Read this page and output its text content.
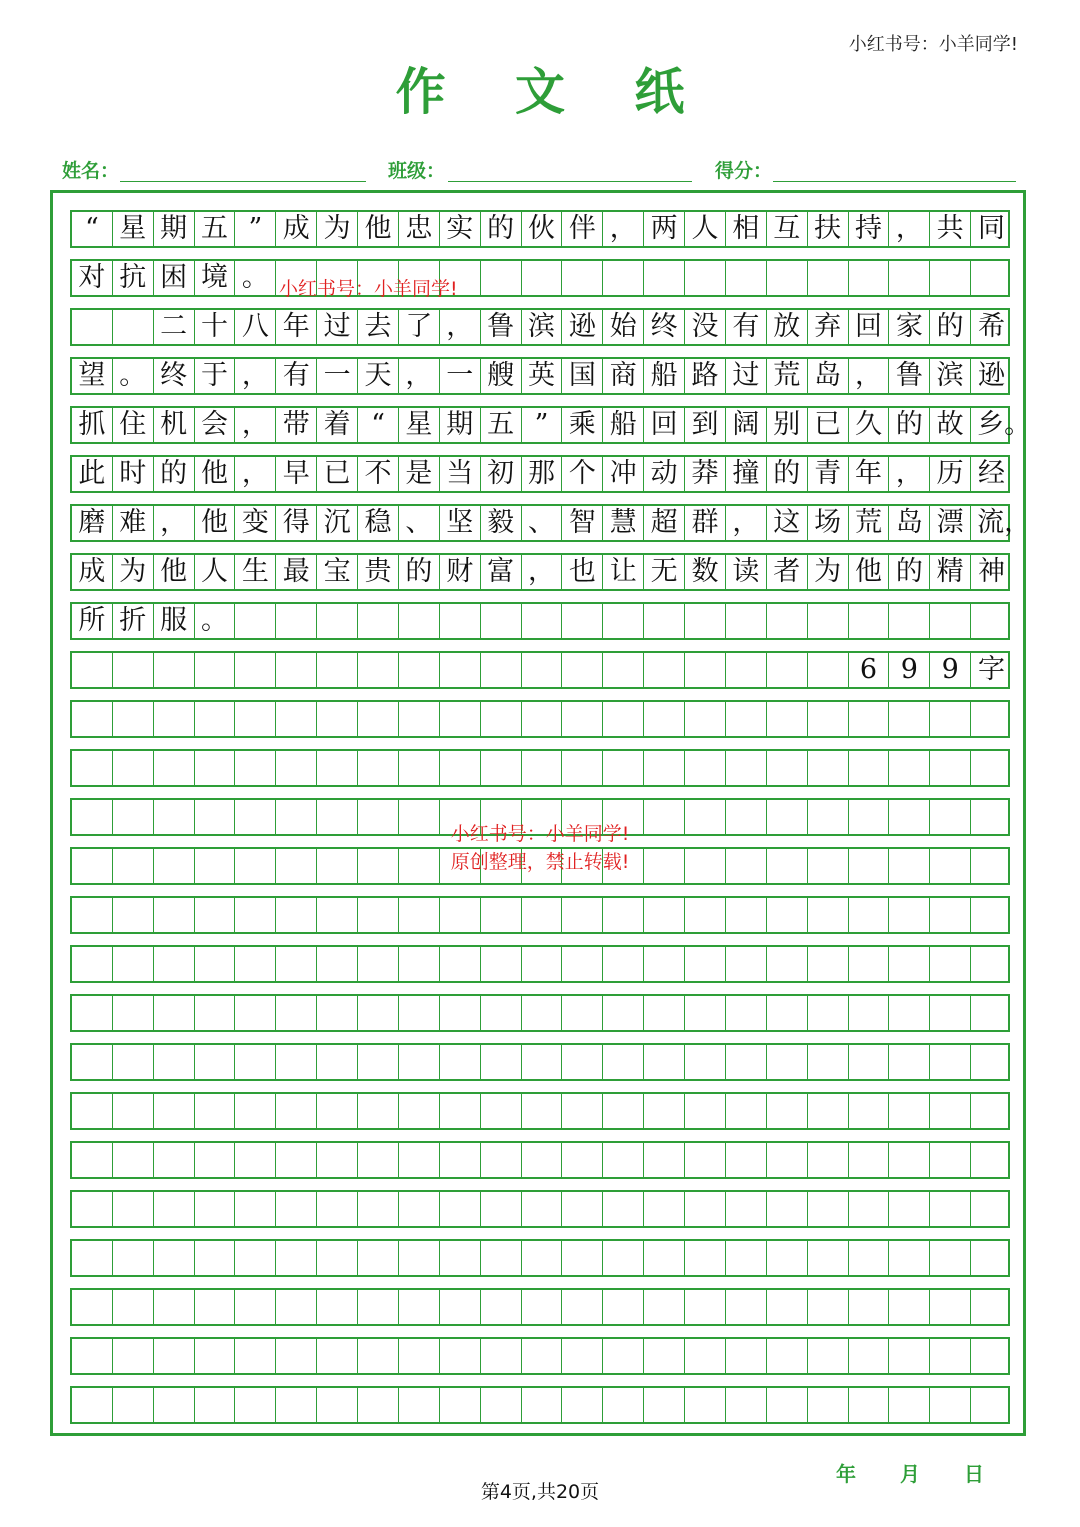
小红书号：小羊同学!
作 文 纸
姓名：	班级：	得分：
“ 星 期 五 ” 成 为 他 忠 实 的 伙 伴 ， 两 人 相 互 扶 持 ， 共 同
对 抗 困 境 。
二 十 八 年 过 去 了 ， 鲁 滨 逊 始 终 没 有 放 弃 回 家 的 希
望 。 终 于 ， 有 一 天 ， 一 艘 英 国 商 船 路 过 荒 岛 ， 鲁 滨 逊
抓 住 机 会 ， 带 着 “ 星 期 五 ” 乘 船 回 到 阔 别 已 久 的 故 乡。
此 时 的 他 ， 早 已 不 是 当 初 那 个 冲 动 莽 撞 的 青 年 ， 历 经
磨 难 ， 他 变 得 沉 稳 、 坚 毅 、 智 慧 超 群 ， 这 场 荒 岛 漂 流，
成 为 他 人 生 最 宝 贵 的 财 富 ， 也 让 无 数 读 者 为 他 的 精 神
所 折 服 。
6 9 9 字
小红书号：小羊同学!
小红书号：小羊同学!
原创整理，禁止转载!
年 月 日
第4页,共20页
